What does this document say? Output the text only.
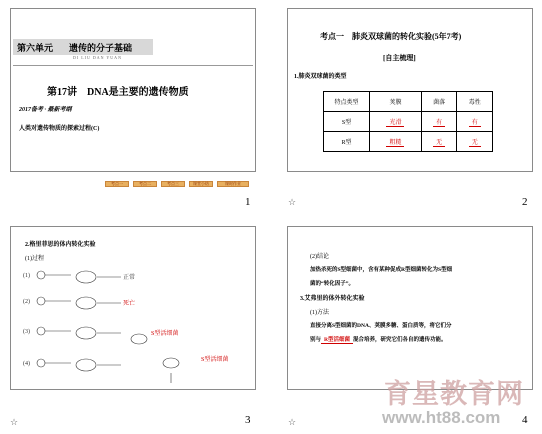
第六单元 遗传的分子基础
DI LIU DAN YUAN
第17讲　DNA是主要的遗传物质
2017备考 · 最新考纲
人类对遗传物质的探索过程(C)
考点一	考点二	考点三	课堂小结	课时作业
1
考点一　肺炎双球菌的转化实验(5年7考)
[自主梳理]
1.肺炎双球菌的类型
特点类型	荚膜	菌落	毒性
S型	光滑	有	有
R型	粗糙	无	无
☆	2
2.格里菲思的体内转化实验
(1)过程
(1)
(2)
(3)
(4)
正常
死亡
S型活细菌
S型活细菌
☆	3
(2)结论
加热杀死的S型细菌中，含有某种促成R型细菌转化为S型细
菌的“转化因子”。
3.艾弗里的体外转化实验
(1)方法
直接分离S型细菌的DNA、荚膜多糖、蛋白质等，将它们分
别与 R型活细菌 混合培养，研究它们各自的遗传功能。
☆	4
育星教育网
www.ht88.com
